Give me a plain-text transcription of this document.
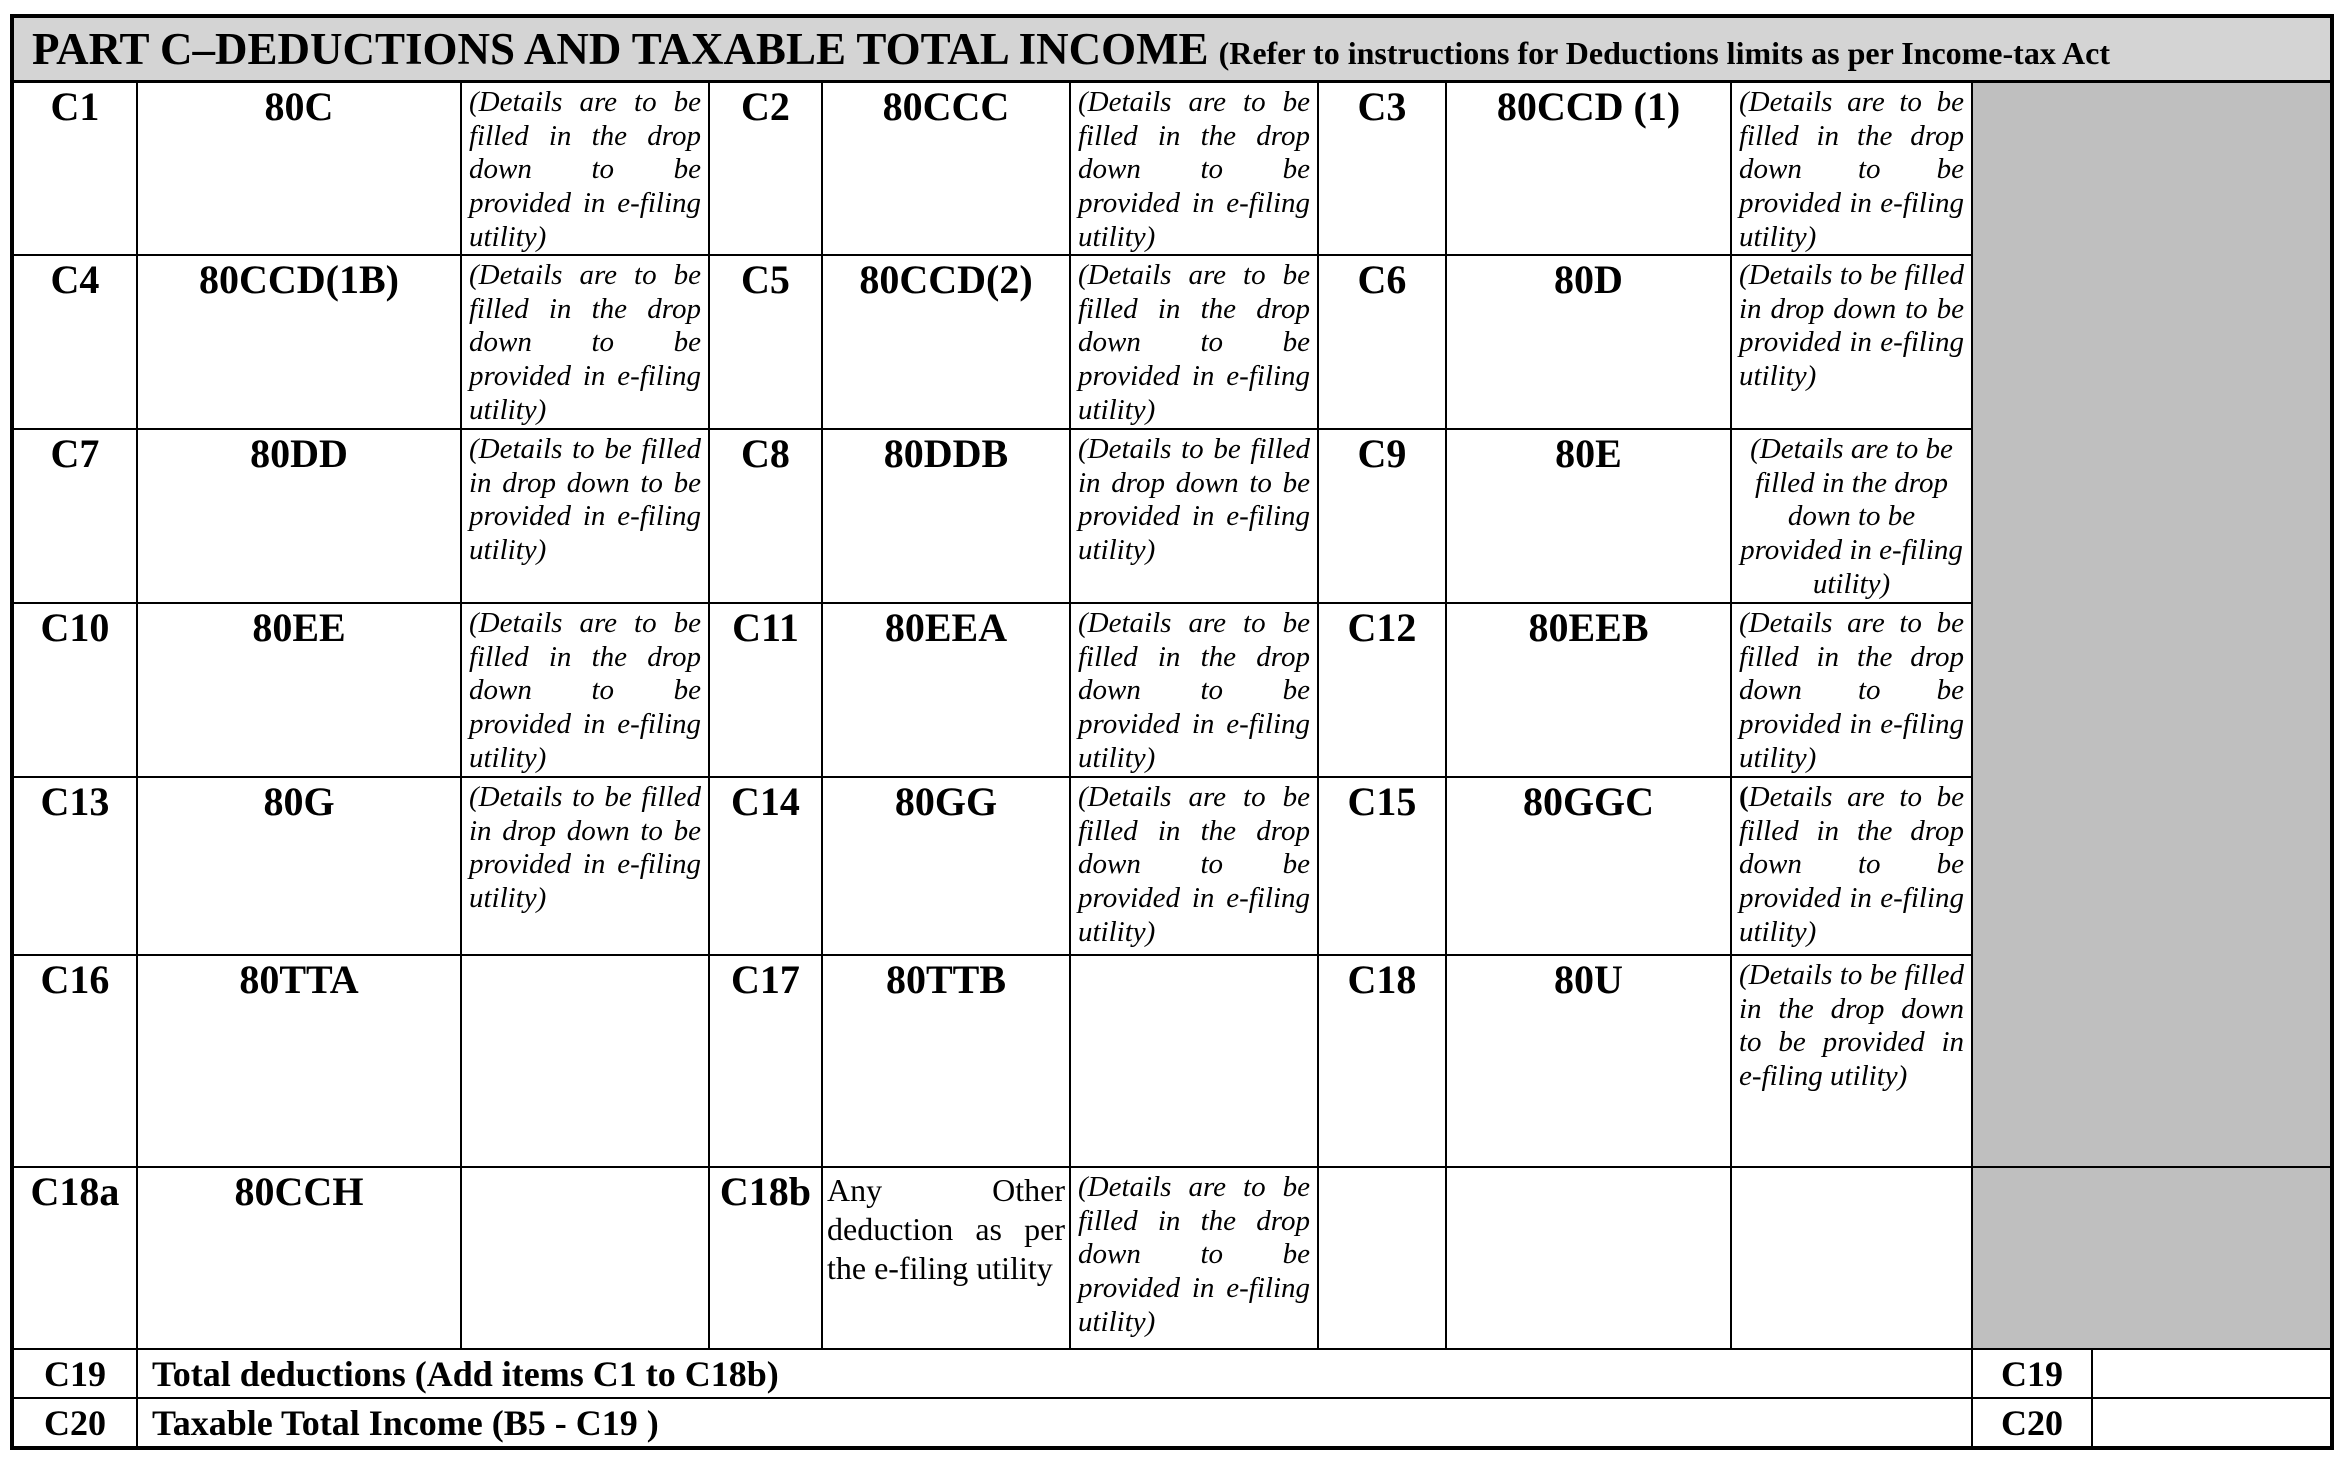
PART C–DEDUCTIONS AND TAXABLE TOTAL INCOME (Refer to instructions for Deductions limits as per Income-tax Act										
C1	80C	(Details are to be filled in the drop down to be provided in e-filing utility)	C2	80CCC	(Details are to be filled in the drop down to be provided in e-filing utility)	C3	80CCD (1)	(Details are to be filled in the drop down to be provided in e-filing utility)		
C4	80CCD(1B)	(Details are to be filled in the drop down to be provided in e-filing utility)	C5	80CCD(2)	(Details are to be filled in the drop down to be provided in e-filing utility)	C6	80D	(Details to be filled in drop down to be provided in e-filing utility)		
C7	80DD	(Details to be filled in drop down to be provided in e-filing utility)	C8	80DDB	(Details to be filled in drop down to be provided in e-filing utility)	C9	80E	(Details are to be filled in the drop down to be provided in e-filing utility)		
C10	80EE	(Details are to be filled in the drop down to be provided in e-filing utility)	C11	80EEA	(Details are to be filled in the drop down to be provided in e-filing utility)	C12	80EEB	(Details are to be filled in the drop down to be provided in e-filing utility)		
C13	80G	(Details to be filled in drop down to be provided in e-filing utility)	C14	80GG	(Details are to be filled in the drop down to be provided in e-filing utility)	C15	80GGC	(Details are to be filled in the drop down to be provided in e-filing utility)		
C16	80TTA		C17	80TTB		C18	80U	(Details to be filled in the drop down to be provided in e-filing utility)		
C18a	80CCH		C18b	Any Other deduction as per the e-filing utility	(Details are to be filled in the drop down to be provided in e-filing utility)					
C19	Total deductions (Add items C1 to C18b)								C19	
C20	Taxable Total Income (B5 - C19 )								C20	
